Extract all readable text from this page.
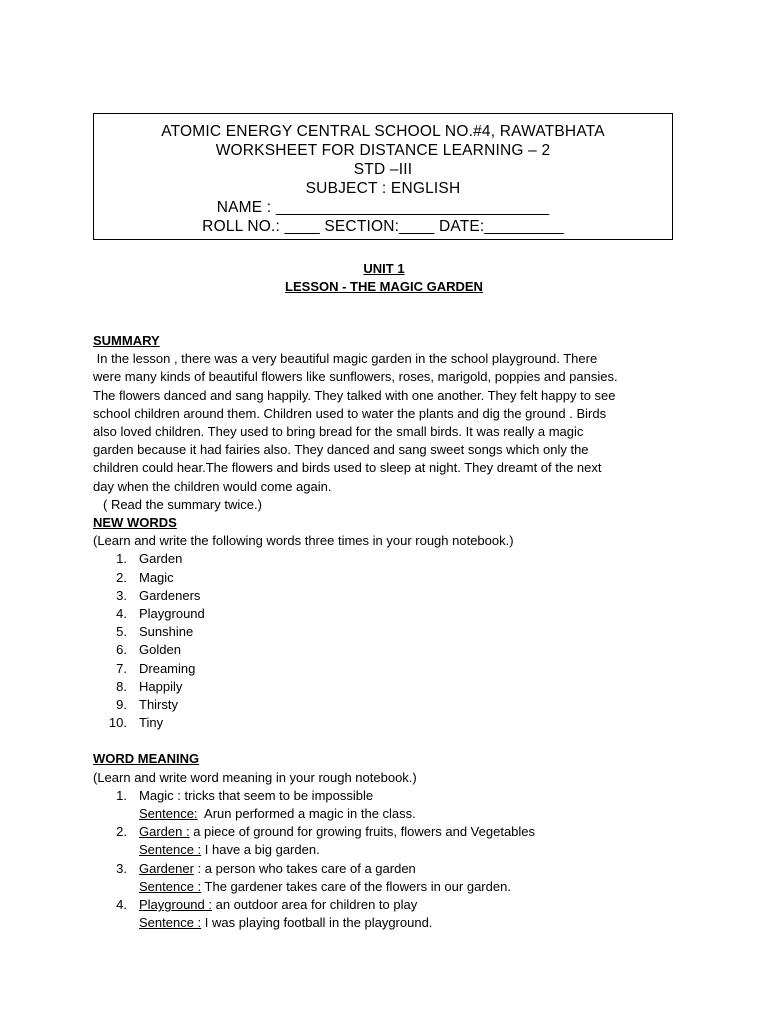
ATOMIC ENERGY CENTRAL SCHOOL NO.#4, RAWATBHATA
WORKSHEET FOR DISTANCE LEARNING – 2
STD –III
SUBJECT : ENGLISH
NAME : _______________________________
ROLL NO.: ____ SECTION:____ DATE:_________
UNIT 1
LESSON - THE MAGIC GARDEN
SUMMARY
In the lesson , there was a very beautiful magic garden in the school playground. There
were many kinds of beautiful flowers like sunflowers, roses, marigold, poppies and pansies.
The flowers danced and sang happily. They talked with one another. They felt happy to see
school children around them. Children used to water the plants and dig the ground . Birds
also loved children. They used to bring bread for the small birds. It was really a magic
garden because it had fairies also. They danced and sang sweet songs which only the
children could hear.The flowers and birds used to sleep at night. They dreamt of the next
day when the children would come again.
( Read the summary twice.)
NEW WORDS
(Learn and write the following words three times in your rough notebook.)
1. Garden
2. Magic
3. Gardeners
4. Playground
5. Sunshine
6. Golden
7. Dreaming
8. Happily
9. Thirsty
10. Tiny
WORD MEANING
(Learn and write word meaning in your rough notebook.)
1. Magic : tricks that seem to be impossible
Sentence:  Arun performed a magic in the class.
2. Garden : a piece of ground for growing fruits, flowers and Vegetables
Sentence : I have a big garden.
3. Gardener : a person who takes care of a garden
Sentence : The gardener takes care of the flowers in our garden.
4. Playground : an outdoor area for children to play
Sentence : I was playing football in the playground.
